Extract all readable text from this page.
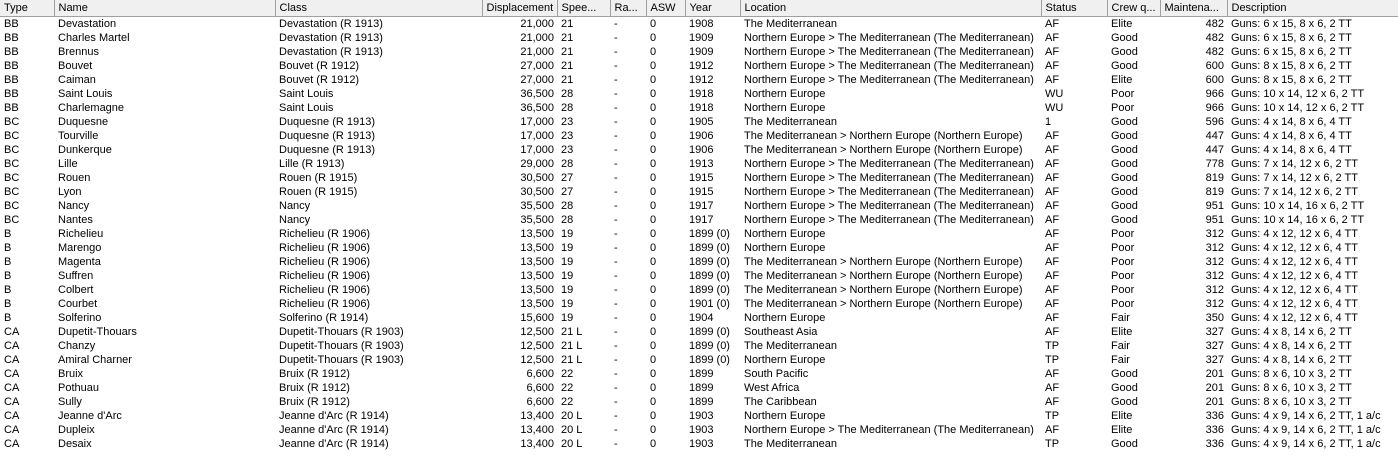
Type	Name	Class	Displacement	Spee...	Ra...	ASW	Year	Location	Status	Crew q...	Maintena...	Description
BB	Devastation	Devastation (R 1913)	21,000	21	-	0	1908	The Mediterranean	AF	Elite	482	Guns: 6 x 15, 8 x 6, 2 TT
BB	Charles Martel	Devastation (R 1913)	21,000	21	-	0	1909	Northern Europe > The Mediterranean (The Mediterranean)	AF	Good	482	Guns: 6 x 15, 8 x 6, 2 TT
BB	Brennus	Devastation (R 1913)	21,000	21	-	0	1909	Northern Europe > The Mediterranean (The Mediterranean)	AF	Good	482	Guns: 6 x 15, 8 x 6, 2 TT
BB	Bouvet	Bouvet (R 1912)	27,000	21	-	0	1912	Northern Europe > The Mediterranean (The Mediterranean)	AF	Good	600	Guns: 8 x 15, 8 x 6, 2 TT
BB	Caiman	Bouvet (R 1912)	27,000	21	-	0	1912	Northern Europe > The Mediterranean (The Mediterranean)	AF	Elite	600	Guns: 8 x 15, 8 x 6, 2 TT
BB	Saint Louis	Saint Louis	36,500	28	-	0	1918	Northern Europe	WU	Poor	966	Guns: 10 x 14, 12 x 6, 2 TT
BB	Charlemagne	Saint Louis	36,500	28	-	0	1918	Northern Europe	WU	Poor	966	Guns: 10 x 14, 12 x 6, 2 TT
BC	Duquesne	Duquesne (R 1913)	17,000	23	-	0	1905	The Mediterranean	1	Good	596	Guns: 4 x 14, 8 x 6, 4 TT
BC	Tourville	Duquesne (R 1913)	17,000	23	-	0	1906	The Mediterranean > Northern Europe (Northern Europe)	AF	Good	447	Guns: 4 x 14, 8 x 6, 4 TT
BC	Dunkerque	Duquesne (R 1913)	17,000	23	-	0	1906	The Mediterranean > Northern Europe (Northern Europe)	AF	Good	447	Guns: 4 x 14, 8 x 6, 4 TT
BC	Lille	Lille (R 1913)	29,000	28	-	0	1913	Northern Europe > The Mediterranean (The Mediterranean)	AF	Good	778	Guns: 7 x 14, 12 x 6, 2 TT
BC	Rouen	Rouen (R 1915)	30,500	27	-	0	1915	Northern Europe > The Mediterranean (The Mediterranean)	AF	Good	819	Guns: 7 x 14, 12 x 6, 2 TT
BC	Lyon	Rouen (R 1915)	30,500	27	-	0	1915	Northern Europe > The Mediterranean (The Mediterranean)	AF	Good	819	Guns: 7 x 14, 12 x 6, 2 TT
BC	Nancy	Nancy	35,500	28	-	0	1917	Northern Europe > The Mediterranean (The Mediterranean)	AF	Good	951	Guns: 10 x 14, 16 x 6, 2 TT
BC	Nantes	Nancy	35,500	28	-	0	1917	Northern Europe > The Mediterranean (The Mediterranean)	AF	Good	951	Guns: 10 x 14, 16 x 6, 2 TT
B	Richelieu	Richelieu (R 1906)	13,500	19	-	0	1899 (0)	Northern Europe	AF	Poor	312	Guns: 4 x 12, 12 x 6, 4 TT
B	Marengo	Richelieu (R 1906)	13,500	19	-	0	1899 (0)	Northern Europe	AF	Poor	312	Guns: 4 x 12, 12 x 6, 4 TT
B	Magenta	Richelieu (R 1906)	13,500	19	-	0	1899 (0)	The Mediterranean > Northern Europe (Northern Europe)	AF	Poor	312	Guns: 4 x 12, 12 x 6, 4 TT
B	Suffren	Richelieu (R 1906)	13,500	19	-	0	1899 (0)	The Mediterranean > Northern Europe (Northern Europe)	AF	Poor	312	Guns: 4 x 12, 12 x 6, 4 TT
B	Colbert	Richelieu (R 1906)	13,500	19	-	0	1899 (0)	The Mediterranean > Northern Europe (Northern Europe)	AF	Poor	312	Guns: 4 x 12, 12 x 6, 4 TT
B	Courbet	Richelieu (R 1906)	13,500	19	-	0	1901 (0)	The Mediterranean > Northern Europe (Northern Europe)	AF	Poor	312	Guns: 4 x 12, 12 x 6, 4 TT
B	Solferino	Solferino (R 1914)	15,600	19	-	0	1904	Northern Europe	AF	Fair	350	Guns: 4 x 12, 12 x 6, 4 TT
CA	Dupetit-Thouars	Dupetit-Thouars (R 1903)	12,500	21 L	-	0	1899 (0)	Southeast Asia	AF	Elite	327	Guns: 4 x 8, 14 x 6, 2 TT
CA	Chanzy	Dupetit-Thouars (R 1903)	12,500	21 L	-	0	1899 (0)	The Mediterranean	TP	Fair	327	Guns: 4 x 8, 14 x 6, 2 TT
CA	Amiral Charner	Dupetit-Thouars (R 1903)	12,500	21 L	-	0	1899 (0)	Northern Europe	TP	Fair	327	Guns: 4 x 8, 14 x 6, 2 TT
CA	Bruix	Bruix (R 1912)	6,600	22	-	0	1899	South Pacific	AF	Good	201	Guns: 8 x 6, 10 x 3, 2 TT
CA	Pothuau	Bruix (R 1912)	6,600	22	-	0	1899	West Africa	AF	Good	201	Guns: 8 x 6, 10 x 3, 2 TT
CA	Sully	Bruix (R 1912)	6,600	22	-	0	1899	The Caribbean	AF	Good	201	Guns: 8 x 6, 10 x 3, 2 TT
CA	Jeanne d'Arc	Jeanne d'Arc (R 1914)	13,400	20 L	-	0	1903	Northern Europe	TP	Elite	336	Guns: 4 x 9, 14 x 6, 2 TT, 1 a/c
CA	Dupleix	Jeanne d'Arc (R 1914)	13,400	20 L	-	0	1903	Northern Europe > The Mediterranean (The Mediterranean)	AF	Elite	336	Guns: 4 x 9, 14 x 6, 2 TT, 1 a/c
CA	Desaix	Jeanne d'Arc (R 1914)	13,400	20 L	-	0	1903	The Mediterranean	TP	Good	336	Guns: 4 x 9, 14 x 6, 2 TT, 1 a/c
